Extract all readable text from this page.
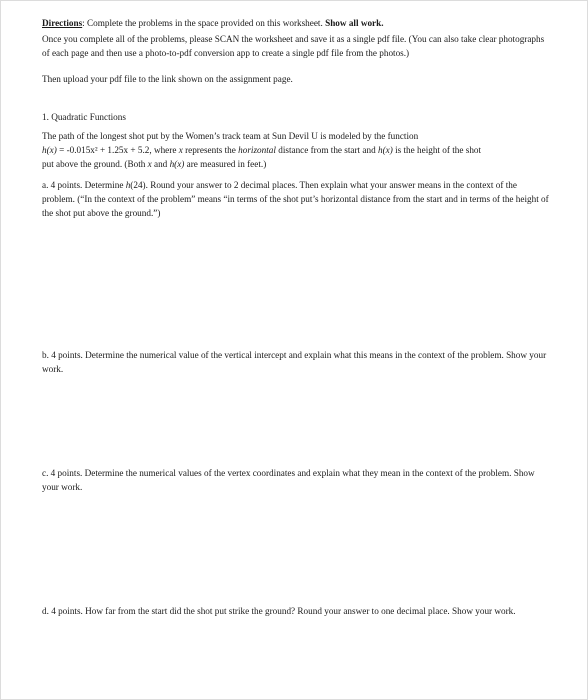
Directions: Complete the problems in the space provided on this worksheet. Show all work.

Once you complete all of the problems, please SCAN the worksheet and save it as a single pdf file. (You can also take clear photographs of each page and then use a photo-to-pdf conversion app to create a single pdf file from the photos.)

Then upload your pdf file to the link shown on the assignment page.

1. Quadratic Functions

The path of the longest shot put by the Women’s track team at Sun Devil U is modeled by the function

h(x) = -0.015x² + 1.25x + 5.2, where x represents the horizontal distance from the start and h(x) is the height of the shot

put above the ground. (Both x and h(x) are measured in feet.)

a. 4 points. Determine h(24). Round your answer to 2 decimal places. Then explain what your answer means in the context of the problem. (“In the context of the problem” means “in terms of the shot put’s horizontal distance from the start and in terms of the height of the shot put above the ground.”)

b. 4 points. Determine the numerical value of the vertical intercept and explain what this means in the context of the problem. Show your work.

c. 4 points. Determine the numerical values of the vertex coordinates and explain what they mean in the context of the problem. Show your work.

d. 4 points. How far from the start did the shot put strike the ground? Round your answer to one decimal place. Show your work.
